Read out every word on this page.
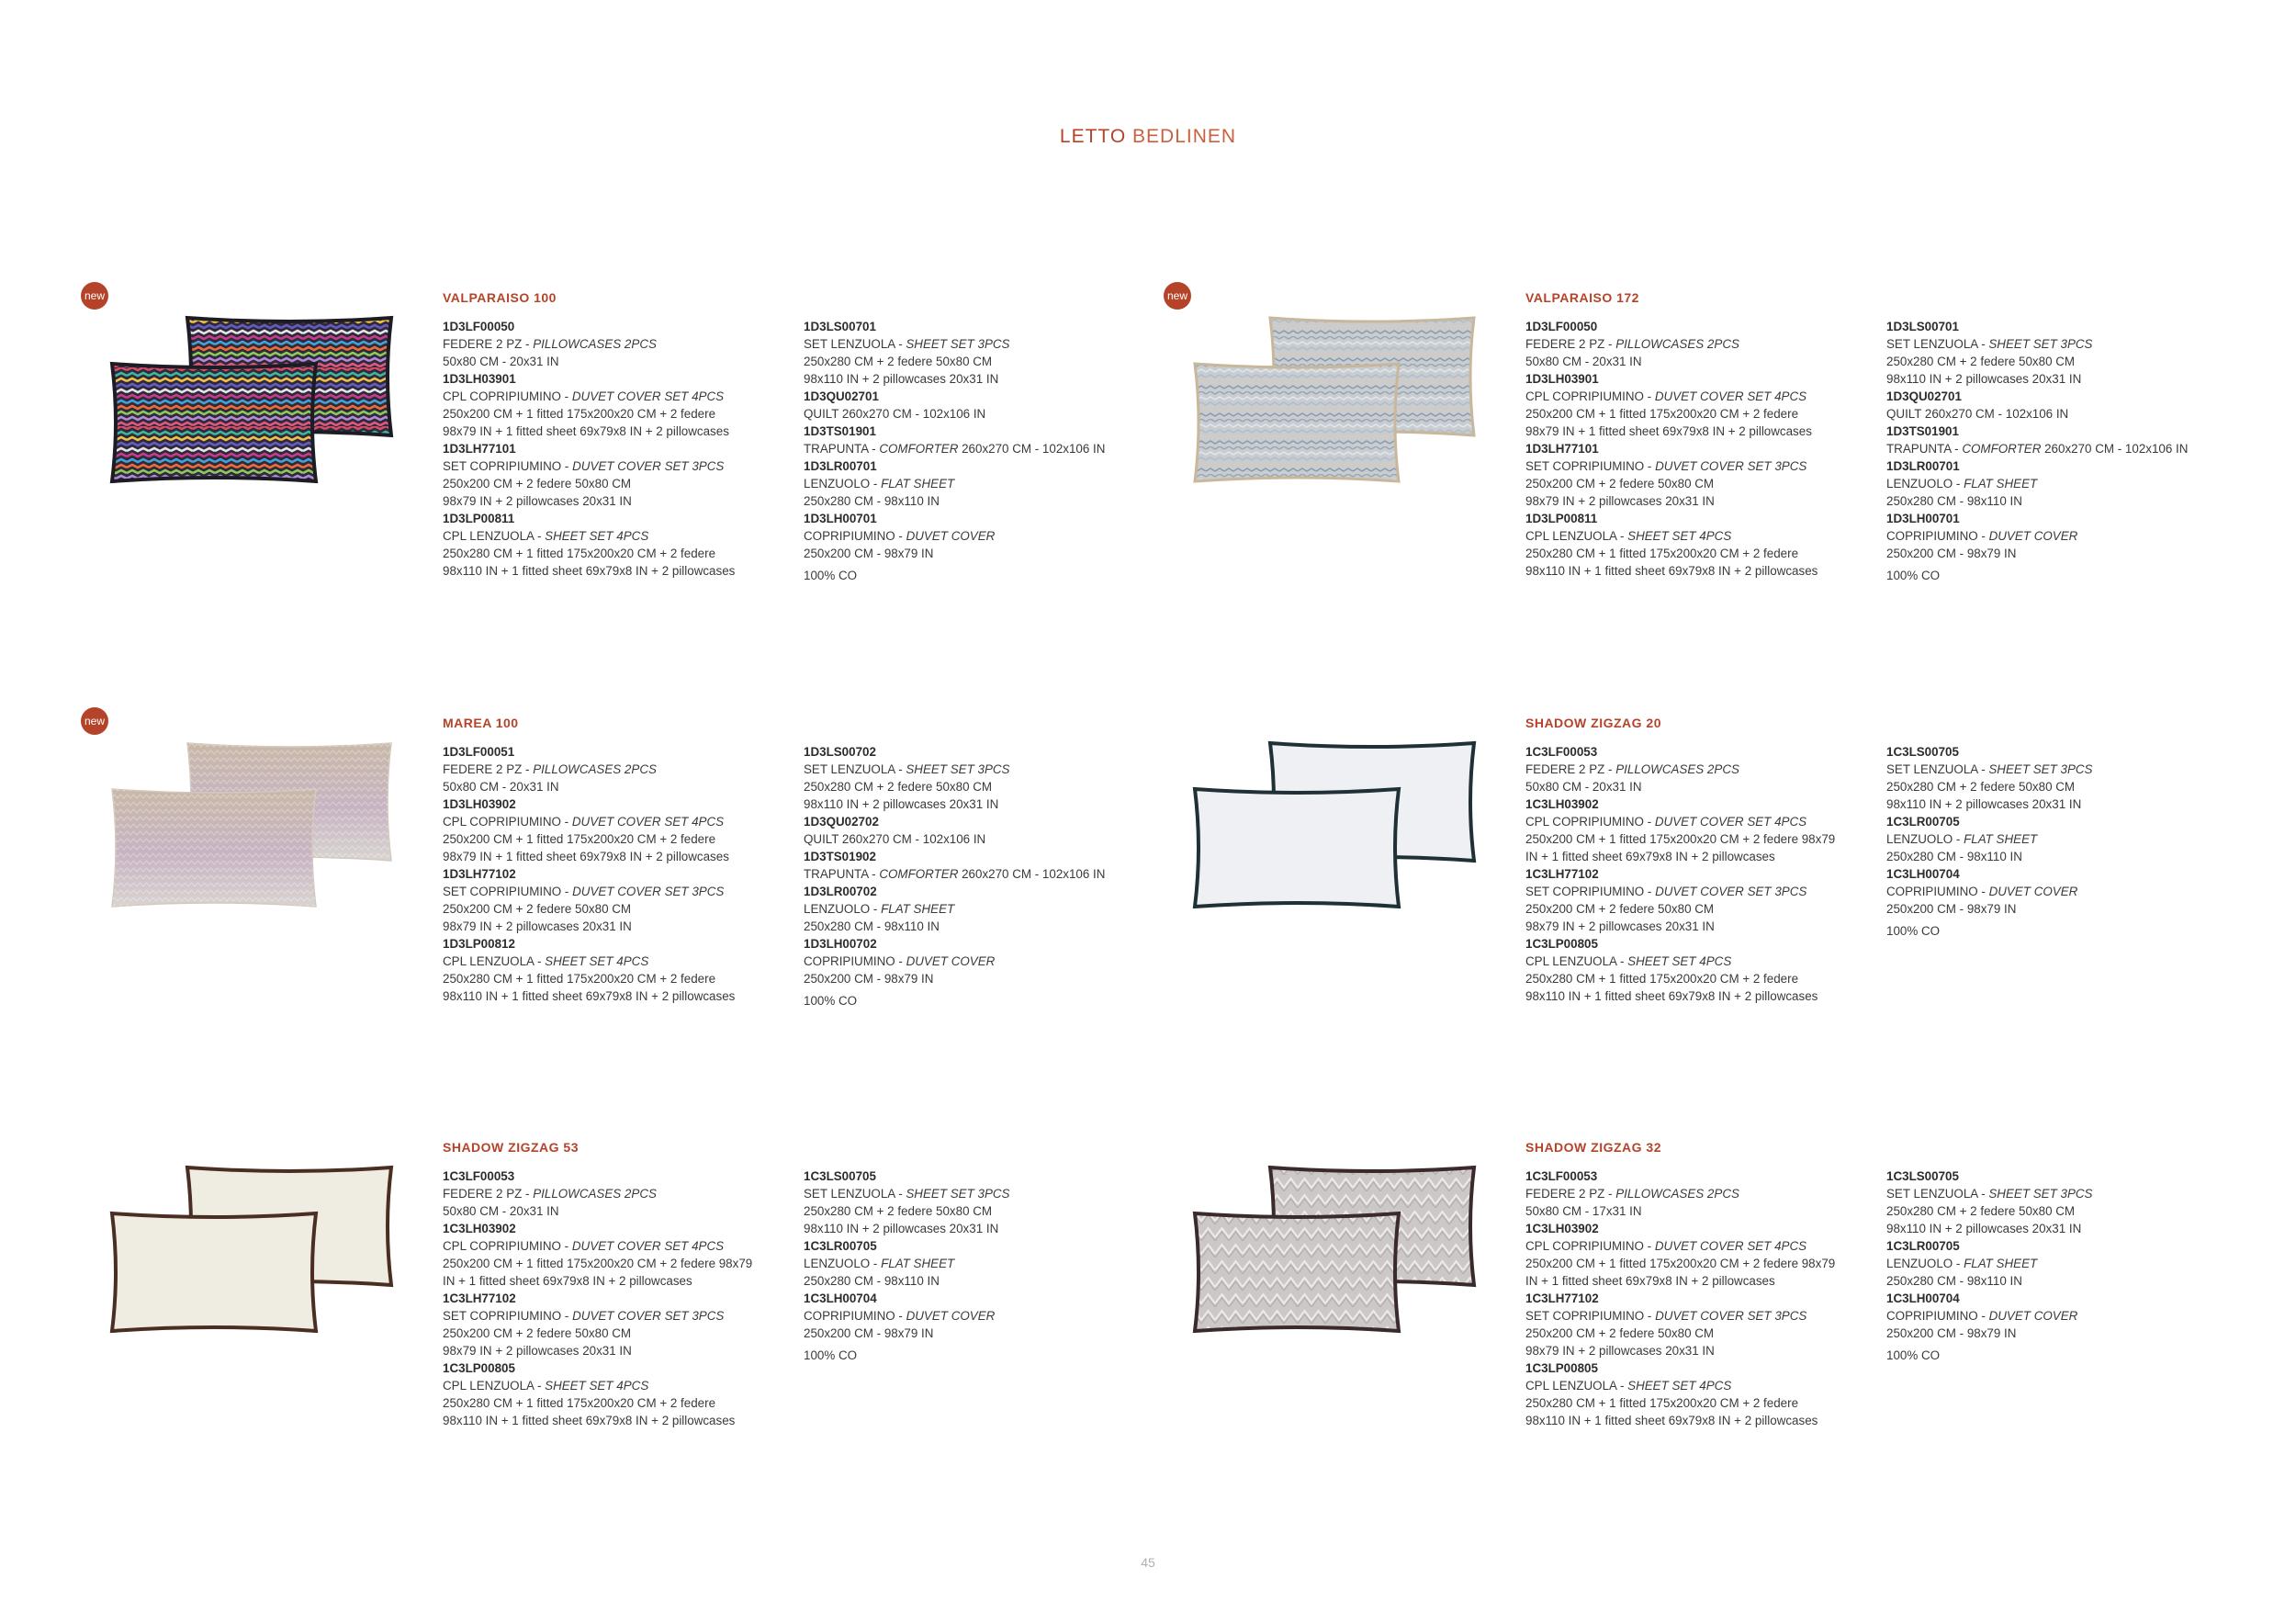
LETTO BEDLINEN
new	VALPARAISO 100
1D3LF00050
FEDERE 2 PZ - PILLOWCASES 2PCS
50x80 CM - 20x31 IN
1D3LH03901
CPL COPRIPIUMINO - DUVET COVER SET 4PCS
250x200 CM + 1 fitted 175x200x20 CM + 2 federe
98x79 IN + 1 fitted sheet 69x79x8 IN + 2 pillowcases
1D3LH77101
SET COPRIPIUMINO - DUVET COVER SET 3PCS
250x200 CM + 2 federe 50x80 CM
98x79 IN + 2 pillowcases 20x31 IN
1D3LP00811
CPL LENZUOLA - SHEET SET 4PCS
250x280 CM + 1 fitted 175x200x20 CM + 2 federe
98x110 IN + 1 fitted sheet 69x79x8 IN + 2 pillowcases
1D3LS00701
SET LENZUOLA - SHEET SET 3PCS
250x280 CM + 2 federe 50x80 CM
98x110 IN + 2 pillowcases 20x31 IN
1D3QU02701
QUILT 260x270 CM - 102x106 IN
1D3TS01901
TRAPUNTA - COMFORTER 260x270 CM - 102x106 IN
1D3LR00701
LENZUOLO - FLAT SHEET
250x280 CM - 98x110 IN
1D3LH00701
COPRIPIUMINO - DUVET COVER
250x200 CM - 98x79 IN
100% CO
new	VALPARAISO 172
1D3LF00050
FEDERE 2 PZ - PILLOWCASES 2PCS
50x80 CM - 20x31 IN
1D3LH03901
CPL COPRIPIUMINO - DUVET COVER SET 4PCS
250x200 CM + 1 fitted 175x200x20 CM + 2 federe
98x79 IN + 1 fitted sheet 69x79x8 IN + 2 pillowcases
1D3LH77101
SET COPRIPIUMINO - DUVET COVER SET 3PCS
250x200 CM + 2 federe 50x80 CM
98x79 IN + 2 pillowcases 20x31 IN
1D3LP00811
CPL LENZUOLA - SHEET SET 4PCS
250x280 CM + 1 fitted 175x200x20 CM + 2 federe
98x110 IN + 1 fitted sheet 69x79x8 IN + 2 pillowcases
1D3LS00701
SET LENZUOLA - SHEET SET 3PCS
250x280 CM + 2 federe 50x80 CM
98x110 IN + 2 pillowcases 20x31 IN
1D3QU02701
QUILT 260x270 CM - 102x106 IN
1D3TS01901
TRAPUNTA - COMFORTER 260x270 CM - 102x106 IN
1D3LR00701
LENZUOLO - FLAT SHEET
250x280 CM - 98x110 IN
1D3LH00701
COPRIPIUMINO - DUVET COVER
250x200 CM - 98x79 IN
100% CO
new	MAREA 100
1D3LF00051
FEDERE 2 PZ - PILLOWCASES 2PCS
50x80 CM - 20x31 IN
1D3LH03902
CPL COPRIPIUMINO - DUVET COVER SET 4PCS
250x200 CM + 1 fitted 175x200x20 CM + 2 federe
98x79 IN + 1 fitted sheet 69x79x8 IN + 2 pillowcases
1D3LH77102
SET COPRIPIUMINO - DUVET COVER SET 3PCS
250x200 CM + 2 federe 50x80 CM
98x79 IN + 2 pillowcases 20x31 IN
1D3LP00812
CPL LENZUOLA - SHEET SET 4PCS
250x280 CM + 1 fitted 175x200x20 CM + 2 federe
98x110 IN + 1 fitted sheet 69x79x8 IN + 2 pillowcases
1D3LS00702
SET LENZUOLA - SHEET SET 3PCS
250x280 CM + 2 federe 50x80 CM
98x110 IN + 2 pillowcases 20x31 IN
1D3QU02702
QUILT 260x270 CM - 102x106 IN
1D3TS01902
TRAPUNTA - COMFORTER 260x270 CM - 102x106 IN
1D3LR00702
LENZUOLO - FLAT SHEET
250x280 CM - 98x110 IN
1D3LH00702
COPRIPIUMINO - DUVET COVER
250x200 CM - 98x79 IN
100% CO
SHADOW ZIGZAG 20
1C3LF00053
FEDERE 2 PZ - PILLOWCASES 2PCS
50x80 CM - 20x31 IN
1C3LH03902
CPL COPRIPIUMINO - DUVET COVER SET 4PCS
250x200 CM + 1 fitted 175x200x20 CM + 2 federe 98x79
IN + 1 fitted sheet 69x79x8 IN + 2 pillowcases
1C3LH77102
SET COPRIPIUMINO - DUVET COVER SET 3PCS
250x200 CM + 2 federe 50x80 CM
98x79 IN + 2 pillowcases 20x31 IN
1C3LP00805
CPL LENZUOLA - SHEET SET 4PCS
250x280 CM + 1 fitted 175x200x20 CM + 2 federe
98x110 IN + 1 fitted sheet 69x79x8 IN + 2 pillowcases
1C3LS00705
SET LENZUOLA - SHEET SET 3PCS
250x280 CM + 2 federe 50x80 CM
98x110 IN + 2 pillowcases 20x31 IN
1C3LR00705
LENZUOLO - FLAT SHEET
250x280 CM - 98x110 IN
1C3LH00704
COPRIPIUMINO - DUVET COVER
250x200 CM - 98x79 IN
100% CO
SHADOW ZIGZAG 53
1C3LF00053
FEDERE 2 PZ - PILLOWCASES 2PCS
50x80 CM - 20x31 IN
1C3LH03902
CPL COPRIPIUMINO - DUVET COVER SET 4PCS
250x200 CM + 1 fitted 175x200x20 CM + 2 federe 98x79
IN + 1 fitted sheet 69x79x8 IN + 2 pillowcases
1C3LH77102
SET COPRIPIUMINO - DUVET COVER SET 3PCS
250x200 CM + 2 federe 50x80 CM
98x79 IN + 2 pillowcases 20x31 IN
1C3LP00805
CPL LENZUOLA - SHEET SET 4PCS
250x280 CM + 1 fitted 175x200x20 CM + 2 federe
98x110 IN + 1 fitted sheet 69x79x8 IN + 2 pillowcases
1C3LS00705
SET LENZUOLA - SHEET SET 3PCS
250x280 CM + 2 federe 50x80 CM
98x110 IN + 2 pillowcases 20x31 IN
1C3LR00705
LENZUOLO - FLAT SHEET
250x280 CM - 98x110 IN
1C3LH00704
COPRIPIUMINO - DUVET COVER
250x200 CM - 98x79 IN
100% CO
SHADOW ZIGZAG 32
1C3LF00053
FEDERE 2 PZ - PILLOWCASES 2PCS
50x80 CM - 17x31 IN
1C3LH03902
CPL COPRIPIUMINO - DUVET COVER SET 4PCS
250x200 CM + 1 fitted 175x200x20 CM + 2 federe 98x79
IN + 1 fitted sheet 69x79x8 IN + 2 pillowcases
1C3LH77102
SET COPRIPIUMINO - DUVET COVER SET 3PCS
250x200 CM + 2 federe 50x80 CM
98x79 IN + 2 pillowcases 20x31 IN
1C3LP00805
CPL LENZUOLA - SHEET SET 4PCS
250x280 CM + 1 fitted 175x200x20 CM + 2 federe
98x110 IN + 1 fitted sheet 69x79x8 IN + 2 pillowcases
1C3LS00705
SET LENZUOLA - SHEET SET 3PCS
250x280 CM + 2 federe 50x80 CM
98x110 IN + 2 pillowcases 20x31 IN
1C3LR00705
LENZUOLO - FLAT SHEET
250x280 CM - 98x110 IN
1C3LH00704
COPRIPIUMINO - DUVET COVER
250x200 CM - 98x79 IN
100% CO
45
